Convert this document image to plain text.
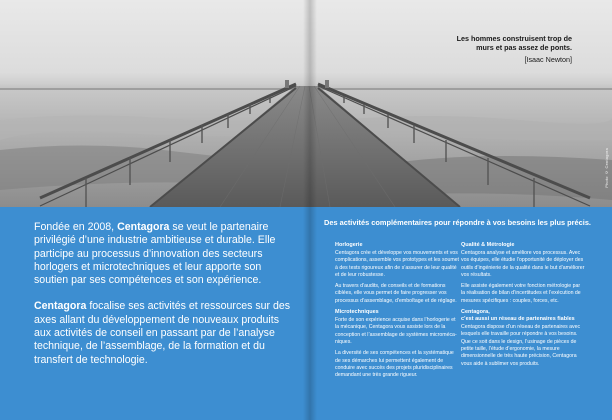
Les hommes construisent trop de
murs et pas assez de ponts.
[Isaac Newton]
Photo © Centagora

Fondée en 2008, Centagora se veut le partenaire privilégié d’une industrie ambitieuse et durable. Elle participe au processus d’innovation des secteurs horlogers et microtechniques et leur apporte son soutien par ses compétences et son expérience.

Centagora focalise ses activités et ressources sur des axes allant du développement de nouveaux produits aux activités de conseil en passant par de l’analyse technique, de l’assemblage, de la formation et du transfert de technologie.

Des activités complémentaires pour répondre à vos besoins les plus précis.
Horlogerie

Centagora crée et développe vos mouvements et vos complications, assemble vos prototypes et les soumet à des tests rigoureux afin de s’assurer de leur qualité et de leur robustesse.

Au travers d’audits, de conseils et de formations ciblées, elle vous permet de faire progresser vos processus d’assemblage, d’emboîtage et de réglage.

Microtechniques

Forte de son expérience acquise dans l’horlogerie et la mécanique, Centagora vous assiste lors de la conception et l’assemblage de systèmes micromécaniques.

La diversité de ses compétences et la systématique de ses démarches lui permettent également de conduire avec succès des projets pluridisciplinaires demandant une très grande rigueur.

Qualité & Métrologie

Centagora analyse et améliore vos processus. Avec vos équipes, elle étudie l’opportunité de déployer des outils d’ingénierie de la qualité dans le but d’améliorer vos résultats.

Elle assiste également votre fonction métrologie par la réalisation de bilan d’incertitudes et l’exécution de mesures spécifiques : couples, forces, etc.

Centagora,
c’est aussi un réseau de partenaires fiables

Centagora dispose d’un réseau de partenaires avec lesquels elle travaille pour répondre à vos besoins. Que ce soit dans le design, l’usinage de pièces de petite taille, l’étude d’ergonomie, la mesure dimensionnelle de très haute précision, Centagora vous aide à sublimer vos produits.
